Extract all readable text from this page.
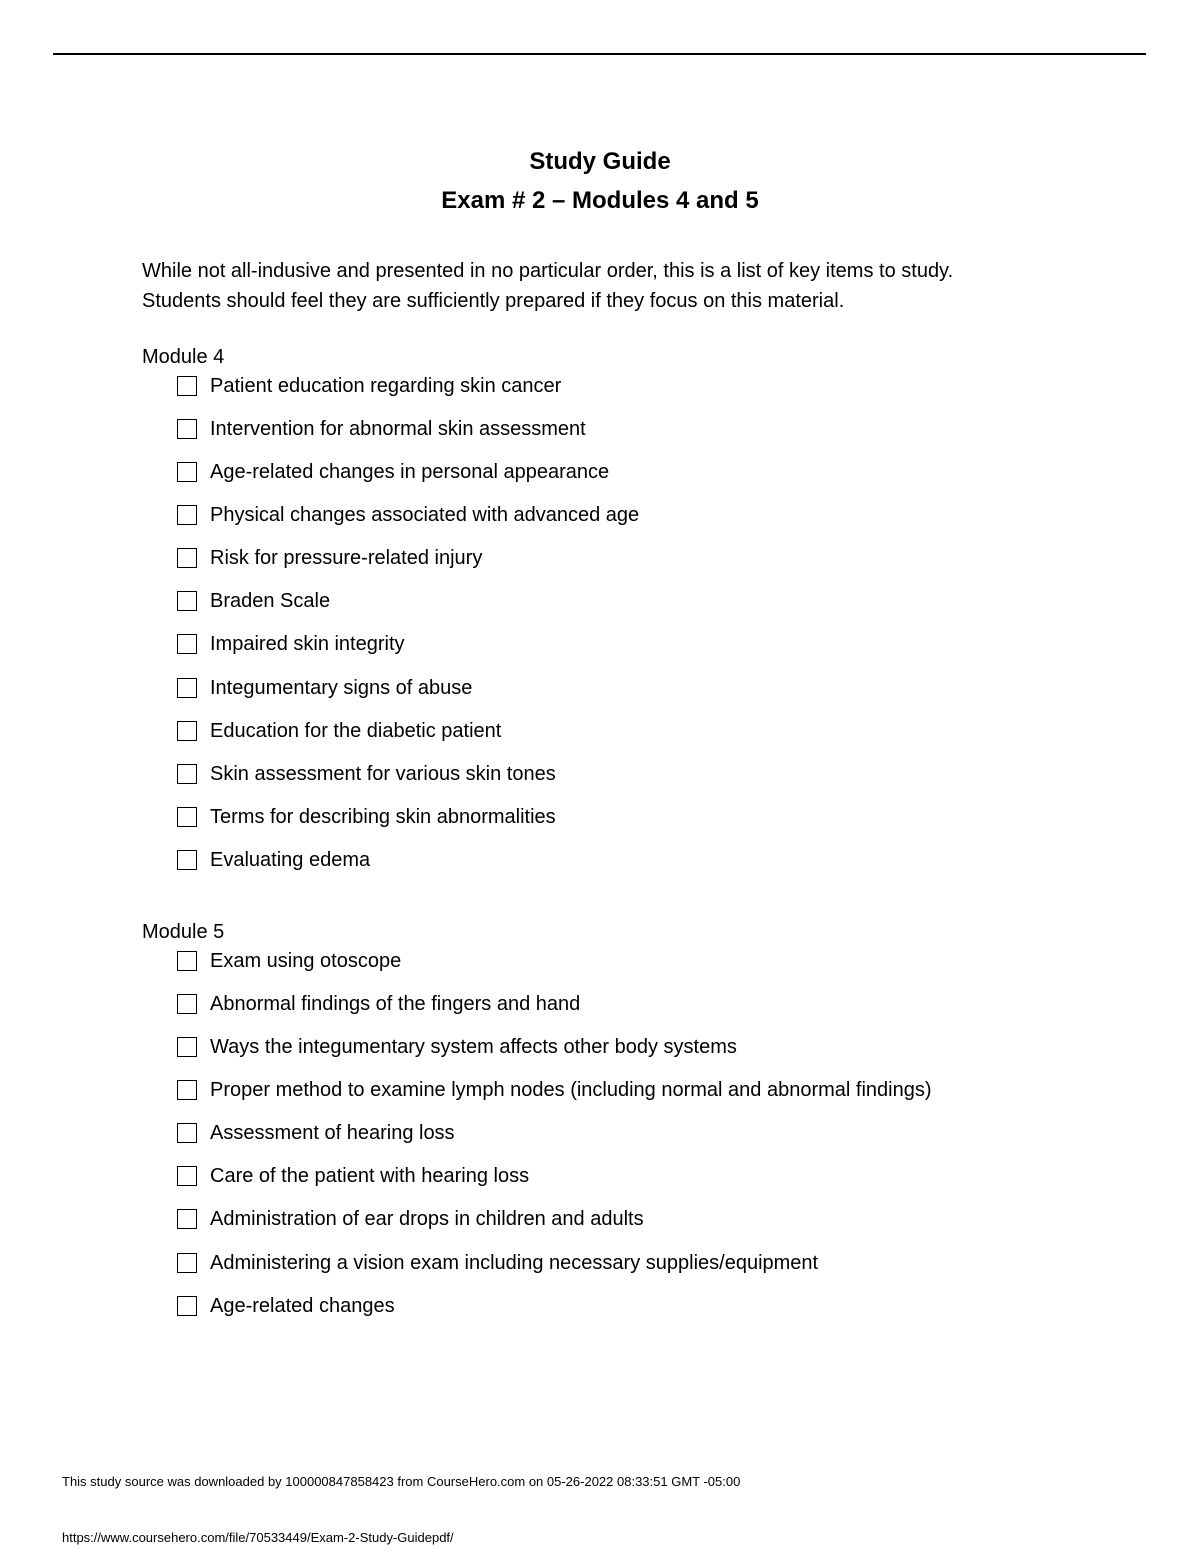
Study Guide
Exam # 2 – Modules 4 and 5
While not all-indusive and presented in no particular order, this is a list of key items to study.
Students should feel they are sufficiently prepared if they focus on this material.
Module 4
Patient education regarding skin cancer
Intervention for abnormal skin assessment
Age-related changes in personal appearance
Physical changes associated with advanced age
Risk for pressure-related injury
Braden Scale
Impaired skin integrity
Integumentary signs of abuse
Education for the diabetic patient
Skin assessment for various skin tones
Terms for describing skin abnormalities
Evaluating edema
Module 5
Exam using otoscope
Abnormal findings of the fingers and hand
Ways the integumentary system affects other body systems
Proper method to examine lymph nodes (including normal and abnormal findings)
Assessment of hearing loss
Care of the patient with hearing loss
Administration of ear drops in children and adults
Administering a vision exam including necessary supplies/equipment
Age-related changes
This study source was downloaded by 100000847858423 from CourseHero.com on 05-26-2022 08:33:51 GMT -05:00
https://www.coursehero.com/file/70533449/Exam-2-Study-Guidepdf/
